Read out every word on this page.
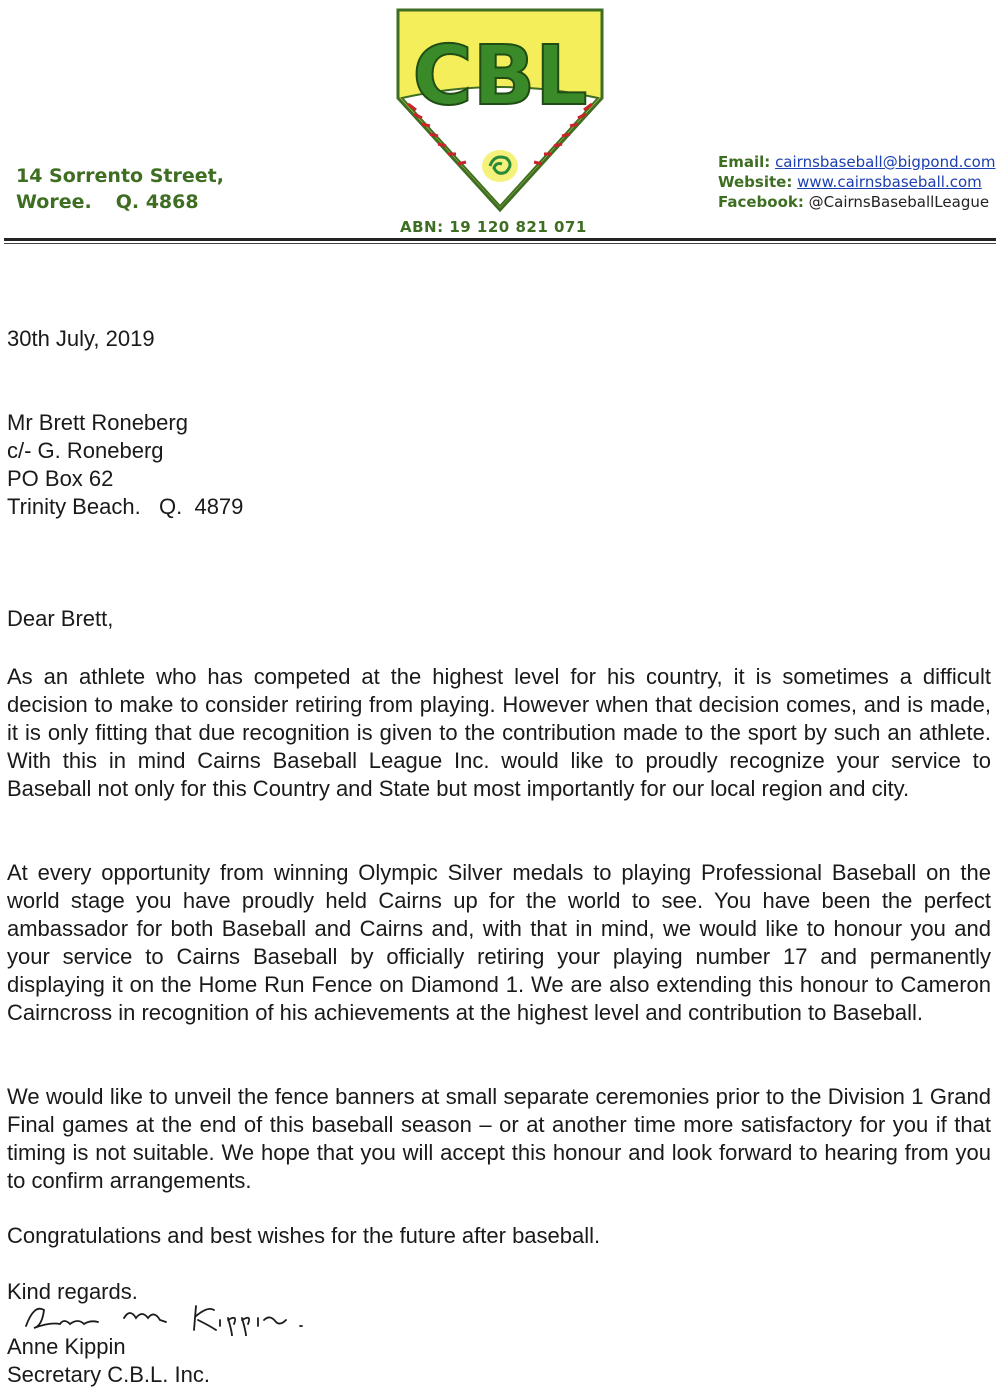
CBL
14 Sorrento Street,
Woree. Q. 4868
Email: cairnsbaseball@bigpond.com
Website: www.cairnsbaseball.com
Facebook: @CairnsBaseballLeague
ABN: 19 120 821 071
30th July, 2019
Mr Brett Roneberg
c/- G. Roneberg
PO Box 62
Trinity Beach.   Q.  4879
Dear Brett,
As an athlete who has competed at the highest level for his country, it is sometimes a difficult decision to make to consider retiring from playing. However when that decision comes, and is made, it is only fitting that due recognition is given to the contribution made to the sport by such an athlete. With this in mind Cairns Baseball League Inc. would like to proudly recognize your service to Baseball not only for this Country and State but most importantly for our local region and city.
At every opportunity from winning Olympic Silver medals to playing Professional Baseball on the world stage you have proudly held Cairns up for the world to see. You have been the perfect ambassador for both Baseball and Cairns and, with that in mind, we would like to honour you and your service to Cairns Baseball by officially retiring your playing number 17 and permanently displaying it on the Home Run Fence on Diamond 1. We are also extending this honour to Cameron Cairncross in recognition of his achievements at the highest level and contribution to Baseball.
We would like to unveil the fence banners at small separate ceremonies prior to the Division 1 Grand Final games at the end of this baseball season – or at another time more satisfactory for you if that timing is not suitable. We hope that you will accept this honour and look forward to hearing from you to confirm arrangements.
Congratulations and best wishes for the future after baseball.
Kind regards.
Anne Kippin
Secretary C.B.L. Inc.
